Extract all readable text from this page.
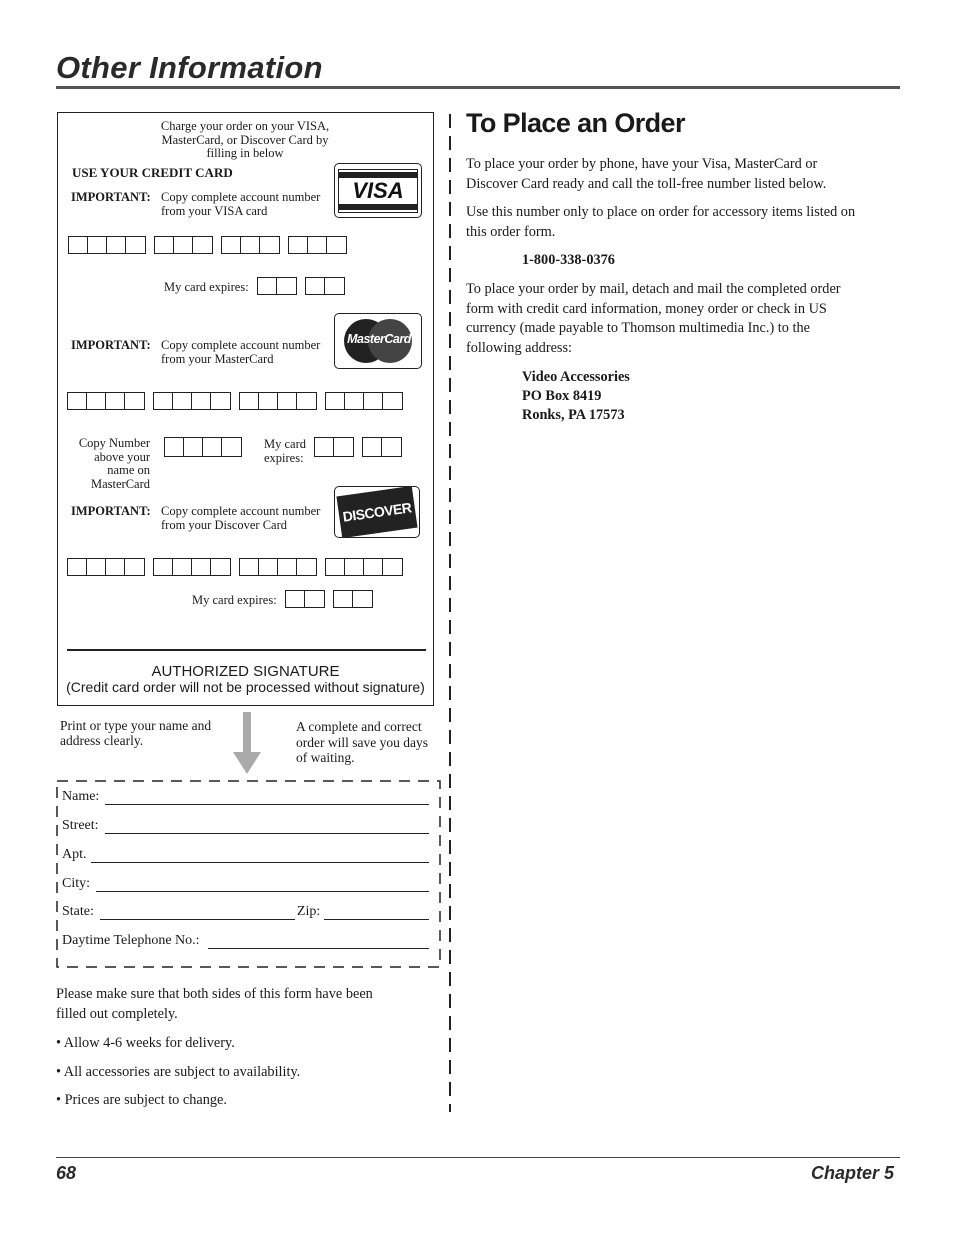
Other Information
Charge your order on your VISA, MasterCard, or Discover Card by filling in below
USE YOUR CREDIT CARD
IMPORTANT: Copy complete account number from your VISA card
VISA
My card expires:
IMPORTANT: Copy complete account number from your MasterCard
MasterCard
Copy Number above your name on MasterCard
My card expires:
IMPORTANT: Copy complete account number from your Discover Card	DISCOVER
My card expires:
AUTHORIZED SIGNATURE
(Credit card order will not be processed without signature)
Print or type your name and address clearly.
A complete and correct order will save you days of waiting.
Name:
Street:
Apt.
City:
State:	Zip:
Daytime Telephone No.:
Please make sure that both sides of this form have been filled out completely.
• Allow 4-6 weeks for delivery.
• All accessories are subject to availability.
• Prices are subject to change.
To Place an Order
To place your order by phone, have your Visa, MasterCard or Discover Card ready and call the toll-free number listed below.
Use this number only to place on order for accessory items listed on this order form.
1-800-338-0376
To place your order by mail, detach and mail the completed order form with credit card information, money order or check in US currency (made payable to Thomson multimedia Inc.) to the following address:
Video Accessories
PO Box 8419
Ronks, PA 17573
68	Chapter 5
